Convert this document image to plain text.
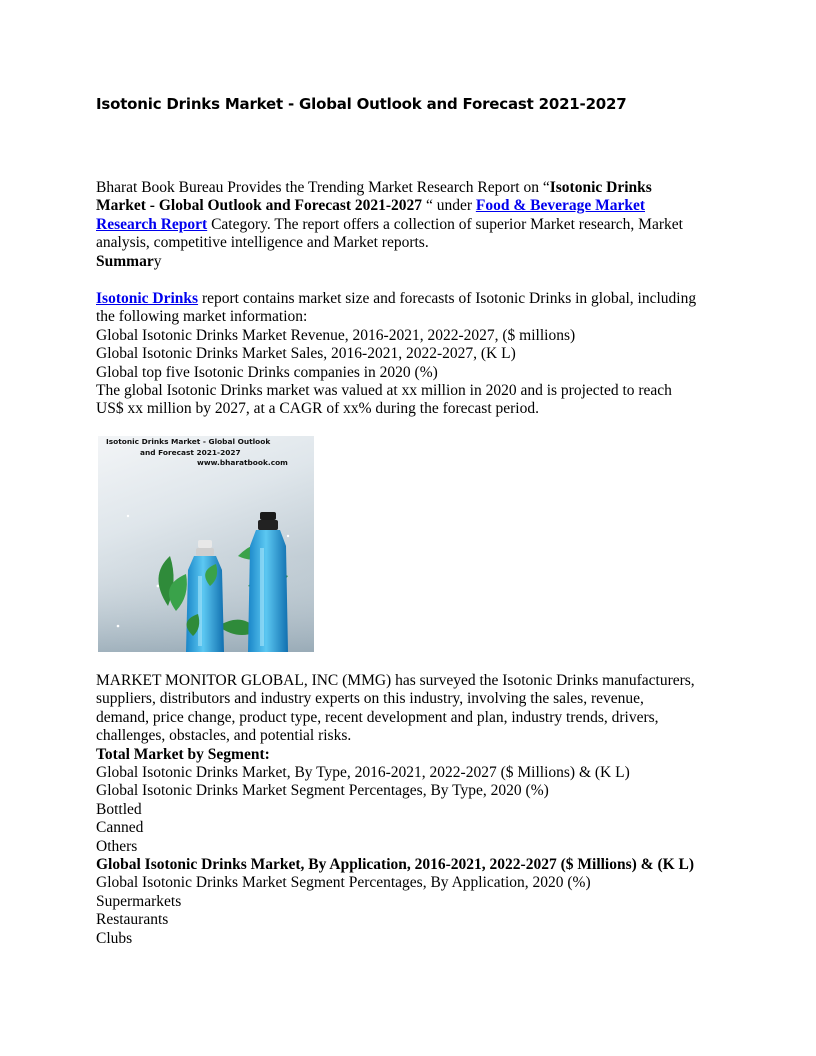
Isotonic Drinks Market - Global Outlook and Forecast 2021-2027
Bharat Book Bureau Provides the Trending Market Research Report on “Isotonic Drinks
Market - Global Outlook and Forecast 2021-2027 “ under Food & Beverage Market
Research Report Category. The report offers a collection of superior Market research, Market
analysis, competitive intelligence and Market reports.
Summary
Isotonic Drinks report contains market size and forecasts of Isotonic Drinks in global, including
the following market information:
Global Isotonic Drinks Market Revenue, 2016-2021, 2022-2027, ($ millions)
Global Isotonic Drinks Market Sales, 2016-2021, 2022-2027, (K L)
Global top five Isotonic Drinks companies in 2020 (%)
The global Isotonic Drinks market was valued at xx million in 2020 and is projected to reach
US$ xx million by 2027, at a CAGR of xx% during the forecast period.
Isotonic Drinks Market - Global Outlook
and Forecast 2021-2027
www.bharatbook.com
MARKET MONITOR GLOBAL, INC (MMG) has surveyed the Isotonic Drinks manufacturers,
suppliers, distributors and industry experts on this industry, involving the sales, revenue,
demand, price change, product type, recent development and plan, industry trends, drivers,
challenges, obstacles, and potential risks.
Total Market by Segment:
Global Isotonic Drinks Market, By Type, 2016-2021, 2022-2027 ($ Millions) & (K L)
Global Isotonic Drinks Market Segment Percentages, By Type, 2020 (%)
Bottled
Canned
Others
Global Isotonic Drinks Market, By Application, 2016-2021, 2022-2027 ($ Millions) & (K L)
Global Isotonic Drinks Market Segment Percentages, By Application, 2020 (%)
Supermarkets
Restaurants
Clubs
